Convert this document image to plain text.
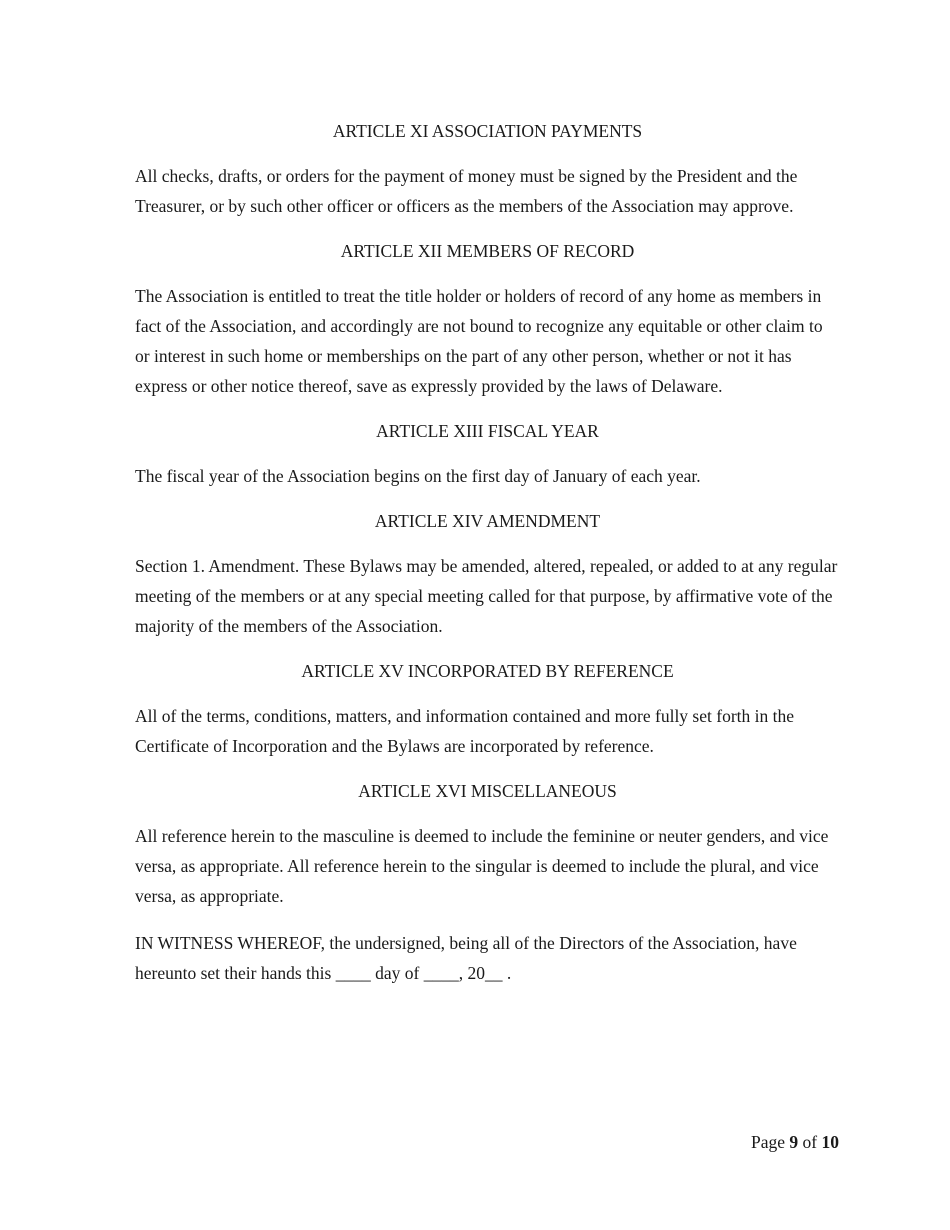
ARTICLE XI ASSOCIATION PAYMENTS

All checks, drafts, or orders for the payment of money must be signed by the President and the Treasurer, or by such other officer or officers as the members of the Association may approve.

ARTICLE XII MEMBERS OF RECORD

The Association is entitled to treat the title holder or holders of record of any home as members in fact of the Association, and accordingly are not bound to recognize any equitable or other claim to or interest in such home or memberships on the part of any other person, whether or not it has express or other notice thereof, save as expressly provided by the laws of Delaware.

ARTICLE XIII FISCAL YEAR

The fiscal year of the Association begins on the first day of January of each year.

ARTICLE XIV AMENDMENT

Section 1. Amendment. These Bylaws may be amended, altered, repealed, or added to at any regular meeting of the members or at any special meeting called for that purpose, by affirmative vote of the majority of the members of the Association.

ARTICLE XV INCORPORATED BY REFERENCE

All of the terms, conditions, matters, and information contained and more fully set forth in the Certificate of Incorporation and the Bylaws are incorporated by reference.

ARTICLE XVI MISCELLANEOUS

All reference herein to the masculine is deemed to include the feminine or neuter genders, and vice versa, as appropriate. All reference herein to the singular is deemed to include the plural, and vice versa, as appropriate.

IN WITNESS WHEREOF, the undersigned, being all of the Directors of the Association, have hereunto set their hands this ____ day of ____, 20__ .

Page 9 of 10
